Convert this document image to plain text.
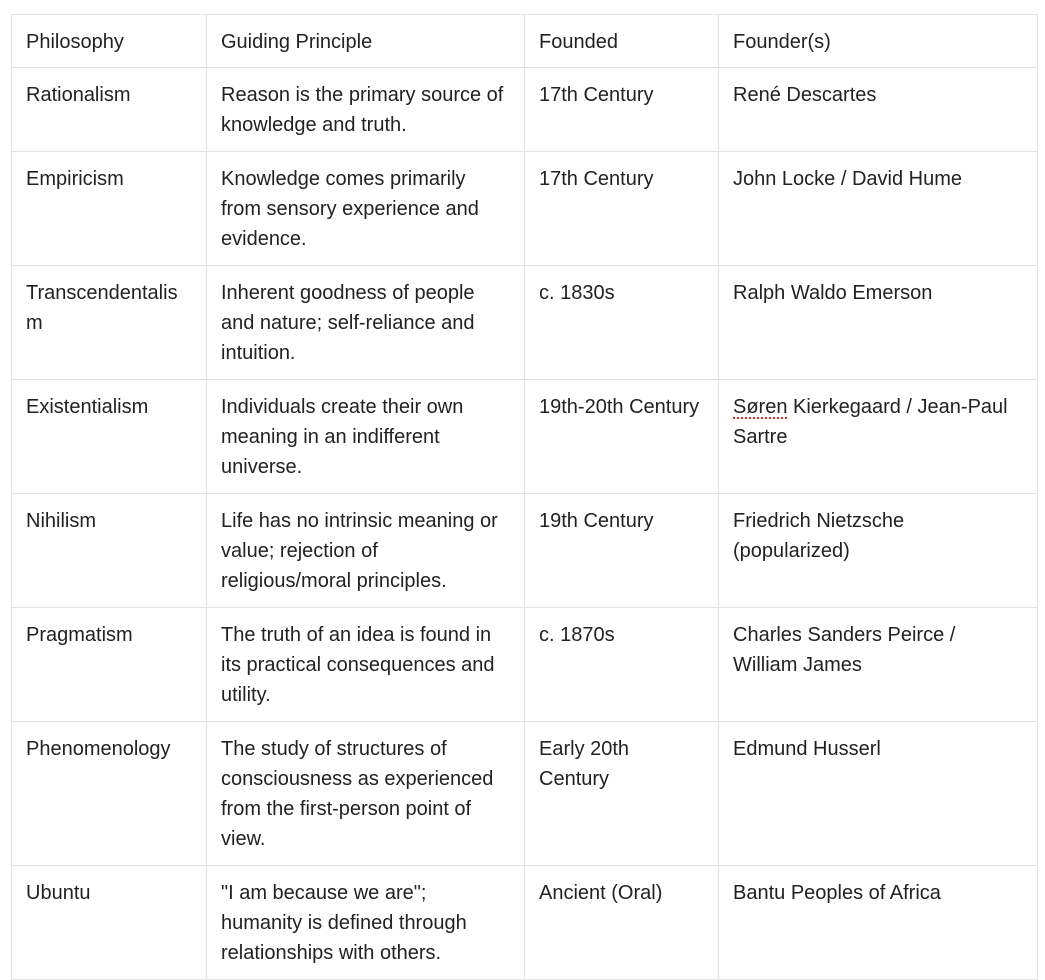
Philosophy	Guiding Principle	Founded	Founder(s)
Rationalism	Reason is the primary source of knowledge and truth.	17th Century	René Descartes
Empiricism	Knowledge comes primarily from sensory experience and evidence.	17th Century	John Locke / David Hume
Transcendentalism	Inherent goodness of people and nature; self-reliance and intuition.	c. 1830s	Ralph Waldo Emerson
Existentialism	Individuals create their own meaning in an indifferent universe.	19th-20th Century	Søren Kierkegaard / Jean-Paul Sartre
Nihilism	Life has no intrinsic meaning or value; rejection of religious/moral principles.	19th Century	Friedrich Nietzsche (popularized)
Pragmatism	The truth of an idea is found in its practical consequences and utility.	c. 1870s	Charles Sanders Peirce / William James
Phenomenology	The study of structures of consciousness as experienced from the first-person point of view.	Early 20th Century	Edmund Husserl
Ubuntu	"I am because we are"; humanity is defined through relationships with others.	Ancient (Oral)	Bantu Peoples of Africa
